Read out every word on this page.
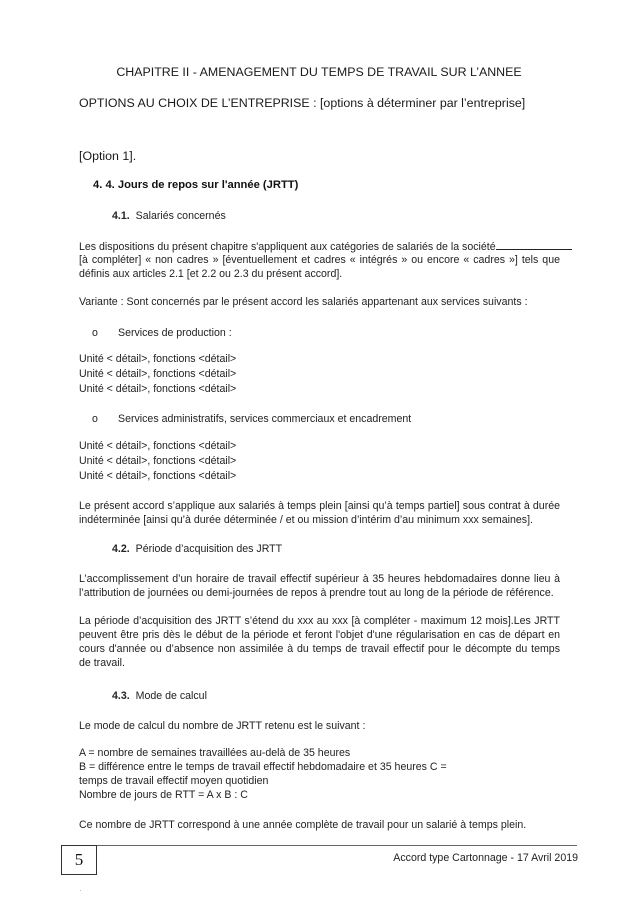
CHAPITRE II - AMENAGEMENT DU TEMPS DE TRAVAIL SUR L’ANNEE
OPTIONS AU CHOIX DE L’ENTREPRISE : [options à déterminer par l’entreprise]
[Option 1].
4. 4. Jours de repos sur l'année (JRTT)
4.1. Salariés concernés
Les dispositions du présent chapitre s'appliquent aux catégories de salariés de la société
[à compléter] « non cadres » [éventuellement et cadres « intégrés » ou encore « cadres »] tels que définis aux articles 2.1 [et 2.2 ou 2.3 du présent accord].
Variante : Sont concernés par le présent accord les salariés appartenant aux services suivants :
o Services de production :
Unité < détail>, fonctions <détail>
Unité < détail>, fonctions <détail>
Unité < détail>, fonctions <détail>
o Services administratifs, services commerciaux et encadrement
Unité < détail>, fonctions <détail>
Unité < détail>, fonctions <détail>
Unité < détail>, fonctions <détail>
Le présent accord s’applique aux salariés à temps plein [ainsi qu’à temps partiel] sous contrat à durée indéterminée [ainsi qu’à durée déterminée / et ou mission d’intérim d’au minimum xxx semaines].
4.2. Période d’acquisition des JRTT
L’accomplissement d’un horaire de travail effectif supérieur à 35 heures hebdomadaires donne lieu à l’attribution de journées ou demi-journées de repos à prendre tout au long de la période de référence.
La période d’acquisition des JRTT s’étend du xxx au xxx [à compléter - maximum 12 mois].Les JRTT peuvent être pris dès le début de la période et feront l'objet d'une régularisation en cas de départ en cours d'année ou d’absence non assimilée à du temps de travail effectif pour le décompte du temps de travail.
4.3. Mode de calcul
Le mode de calcul du nombre de JRTT retenu est le suivant :
A = nombre de semaines travaillées au-delà de 35 heures
B = différence entre le temps de travail effectif hebdomadaire et 35 heures C =
temps de travail effectif moyen quotidien
Nombre de jours de RTT = A x B : C
Ce nombre de JRTT correspond à une année complète de travail pour un salarié à temps plein.
5	Accord type Cartonnage - 17 Avril 2019
